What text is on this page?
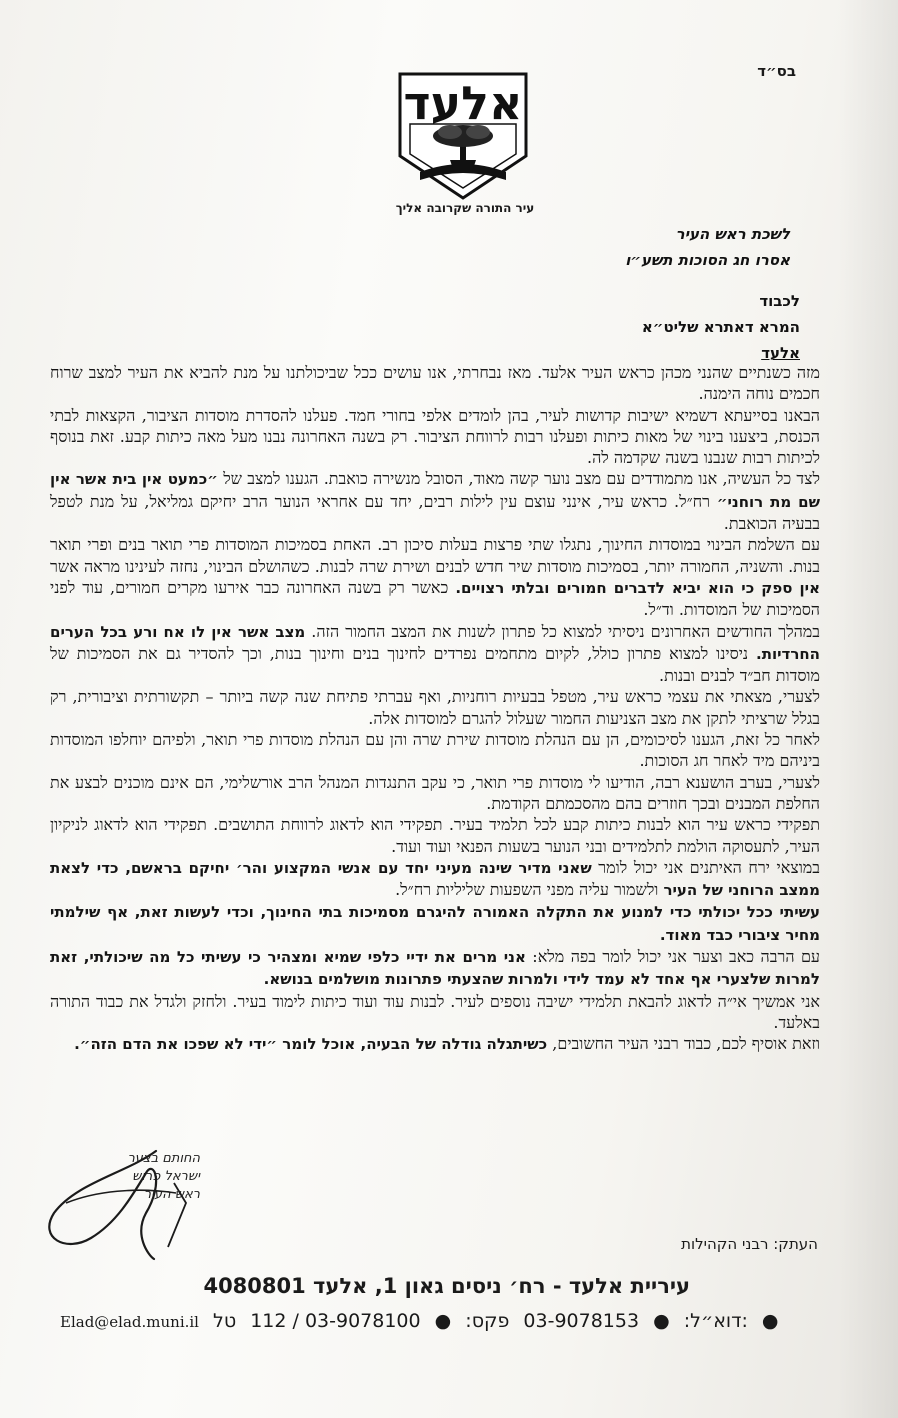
בס״ד
אלעד
עיר התורה שקרובה אליך
לשכת ראש העיר
אסרו חג הסוכות תשע״ו
לכבוד
המרא דאתרא שליט״א
אלעד

מזה כשנתיים שהנני מכהן כראש העיר אלעד. מאז נבחרתי, אנו עושים ככל שביכולתנו על מנת להביא את העיר למצב שרוח חכמים נוחה הימנה.

הבאנו בסייעתא דשמיא ישיבות קדושות לעיר, בהן לומדים אלפי בחורי חמד. פעלנו להסדרת מוסדות הציבור, הקצאות לבתי הכנסת, ביצענו בינוי של מאות כיתות ופעלנו רבות לרווחת הציבור. רק בשנה האחרונה נבנו מעל מאה כיתות קבע. זאת בנוסף לכיתות רבות שנבנו בשנה שקדמה לה.

לצד כל העשיה, אנו מתמודדים עם מצב נוער קשה מאוד, הסובל מנשירה כואבת. הגענו למצב של ״כמעט אין בית אשר אין שם מת רוחני״ רח״ל. כראש עיר, אינני עוצם עין לילות רבים, יחד עם אחראי הנוער הרב יחיקם גמליאל, על מנת לטפל בבעיה הכואבת.

עם השלמת הבינוי במוסדות החינוך, נתגלו שתי פרצות בעלות סיכון רב. האחת בסמיכות המוסדות פרי תואר בנים ופרי תואר בנות. והשניה, החמורה יותר, בסמיכות מוסדות שיר חדש לבנים ושירת שרה לבנות. כשהושלם הבינוי, נחזה לעינינו מראה אשר אין ספק כי הוא יביא לדברים חמורים ובלתי רצויים. כאשר רק בשנה האחרונה כבר אירעו מקרים חמורים, עוד לפני הסמיכות של המוסדות. וד״ל.

במהלך החודשים האחרונים ניסיתי למצוא כל פתרון לשנות את המצב החמור הזה. מצב אשר אין לו אח ורע בכל הערים החרדיות. ניסינו למצוא פתרון כולל, לקיום מתחמים נפרדים לחינוך בנים וחינוך בנות, וכך להסדיר גם את הסמיכות של מוסדות חב״ד לבנים ובנות.

לצערי, מצאתי את עצמי כראש עיר, מטפל בבעיות רוחניות, ואף עברתי פתיחת שנה קשה ביותר – תקשורתית וציבורית, רק בגלל שרציתי לתקן את מצב הצניעות החמור שעלול להגרם למוסדות אלה.

לאחר כל זאת, הגענו לסיכומים, הן עם הנהלת מוסדות שירת שרה והן עם הנהלת מוסדות פרי תואר, ולפיהם יוחלפו המוסדות ביניהם מיד לאחר חג הסוכות.

לצערי, בערב הושענא רבה, הודיעו לי מוסדות פרי תואר, כי עקב התנגדות המנהל הרב אורשלימי, הם אינם מוכנים לבצע את החלפת המבנים ובכך חוזרים בהם מהסכמתם הקודמת.

תפקידי כראש עיר הוא לבנות כיתות קבע לכל תלמיד בעיר. תפקידי הוא לדאוג לרווחת התושבים. תפקידי הוא לדאוג לניקיון העיר, לתעסוקה הולמת לתלמידים ובני הנוער בשעות הפנאי ועוד ועוד.

במוצאי ירח האיתנים אני יכול לומר שאני מדיר שינה מעיני יחד עם אנשי המקצוע והר׳ יחיקם בראשם, כדי לצאת ממצב הרוחני של העיר ולשמור עליה מפני השפעות שליליות רח״ל.

עשיתי ככל יכולתי כדי למנוע את התקלה האמורה להיגרם מסמיכות בתי החינוך, וכדי לעשות זאת, אף שילמתי מחיר ציבורי כבד מאוד.

עם הרבה כאב וצער אני יכול לומר בפה מלא: אני מרים את ידיי כלפי שמיא ומצהיר כי עשיתי כל מה שיכולתי, זאת למרות שלצערי אף אחד לא עמד לידי ולמרות שהצעתי פתרונות מושלמים בנושא.

אני אמשיך אי״ה לדאוג להבאת תלמידי ישיבה נוספים לעיר. לבנות עוד ועוד כיתות לימוד בעיר. ולחזק ולגדל את כבוד התורה באלעד.

וזאת אוסיף לכם, כבוד רבני העיר החשובים, כשיתגלה גודלה של הבעיה, אוכל לומר ״ידי לא שפכו את הדם הזה״.

החותם בצער
ישראל פרוש
ראש העיר
העתק: רבני הקהילות
עיריית אלעד - רח׳ ניסים גאון 1, אלעד 4080801
Elad@elad.muni.il	דוא״ל: ● 03-9078153 פקס: ● 03-9078100 / 112 טל: ●
